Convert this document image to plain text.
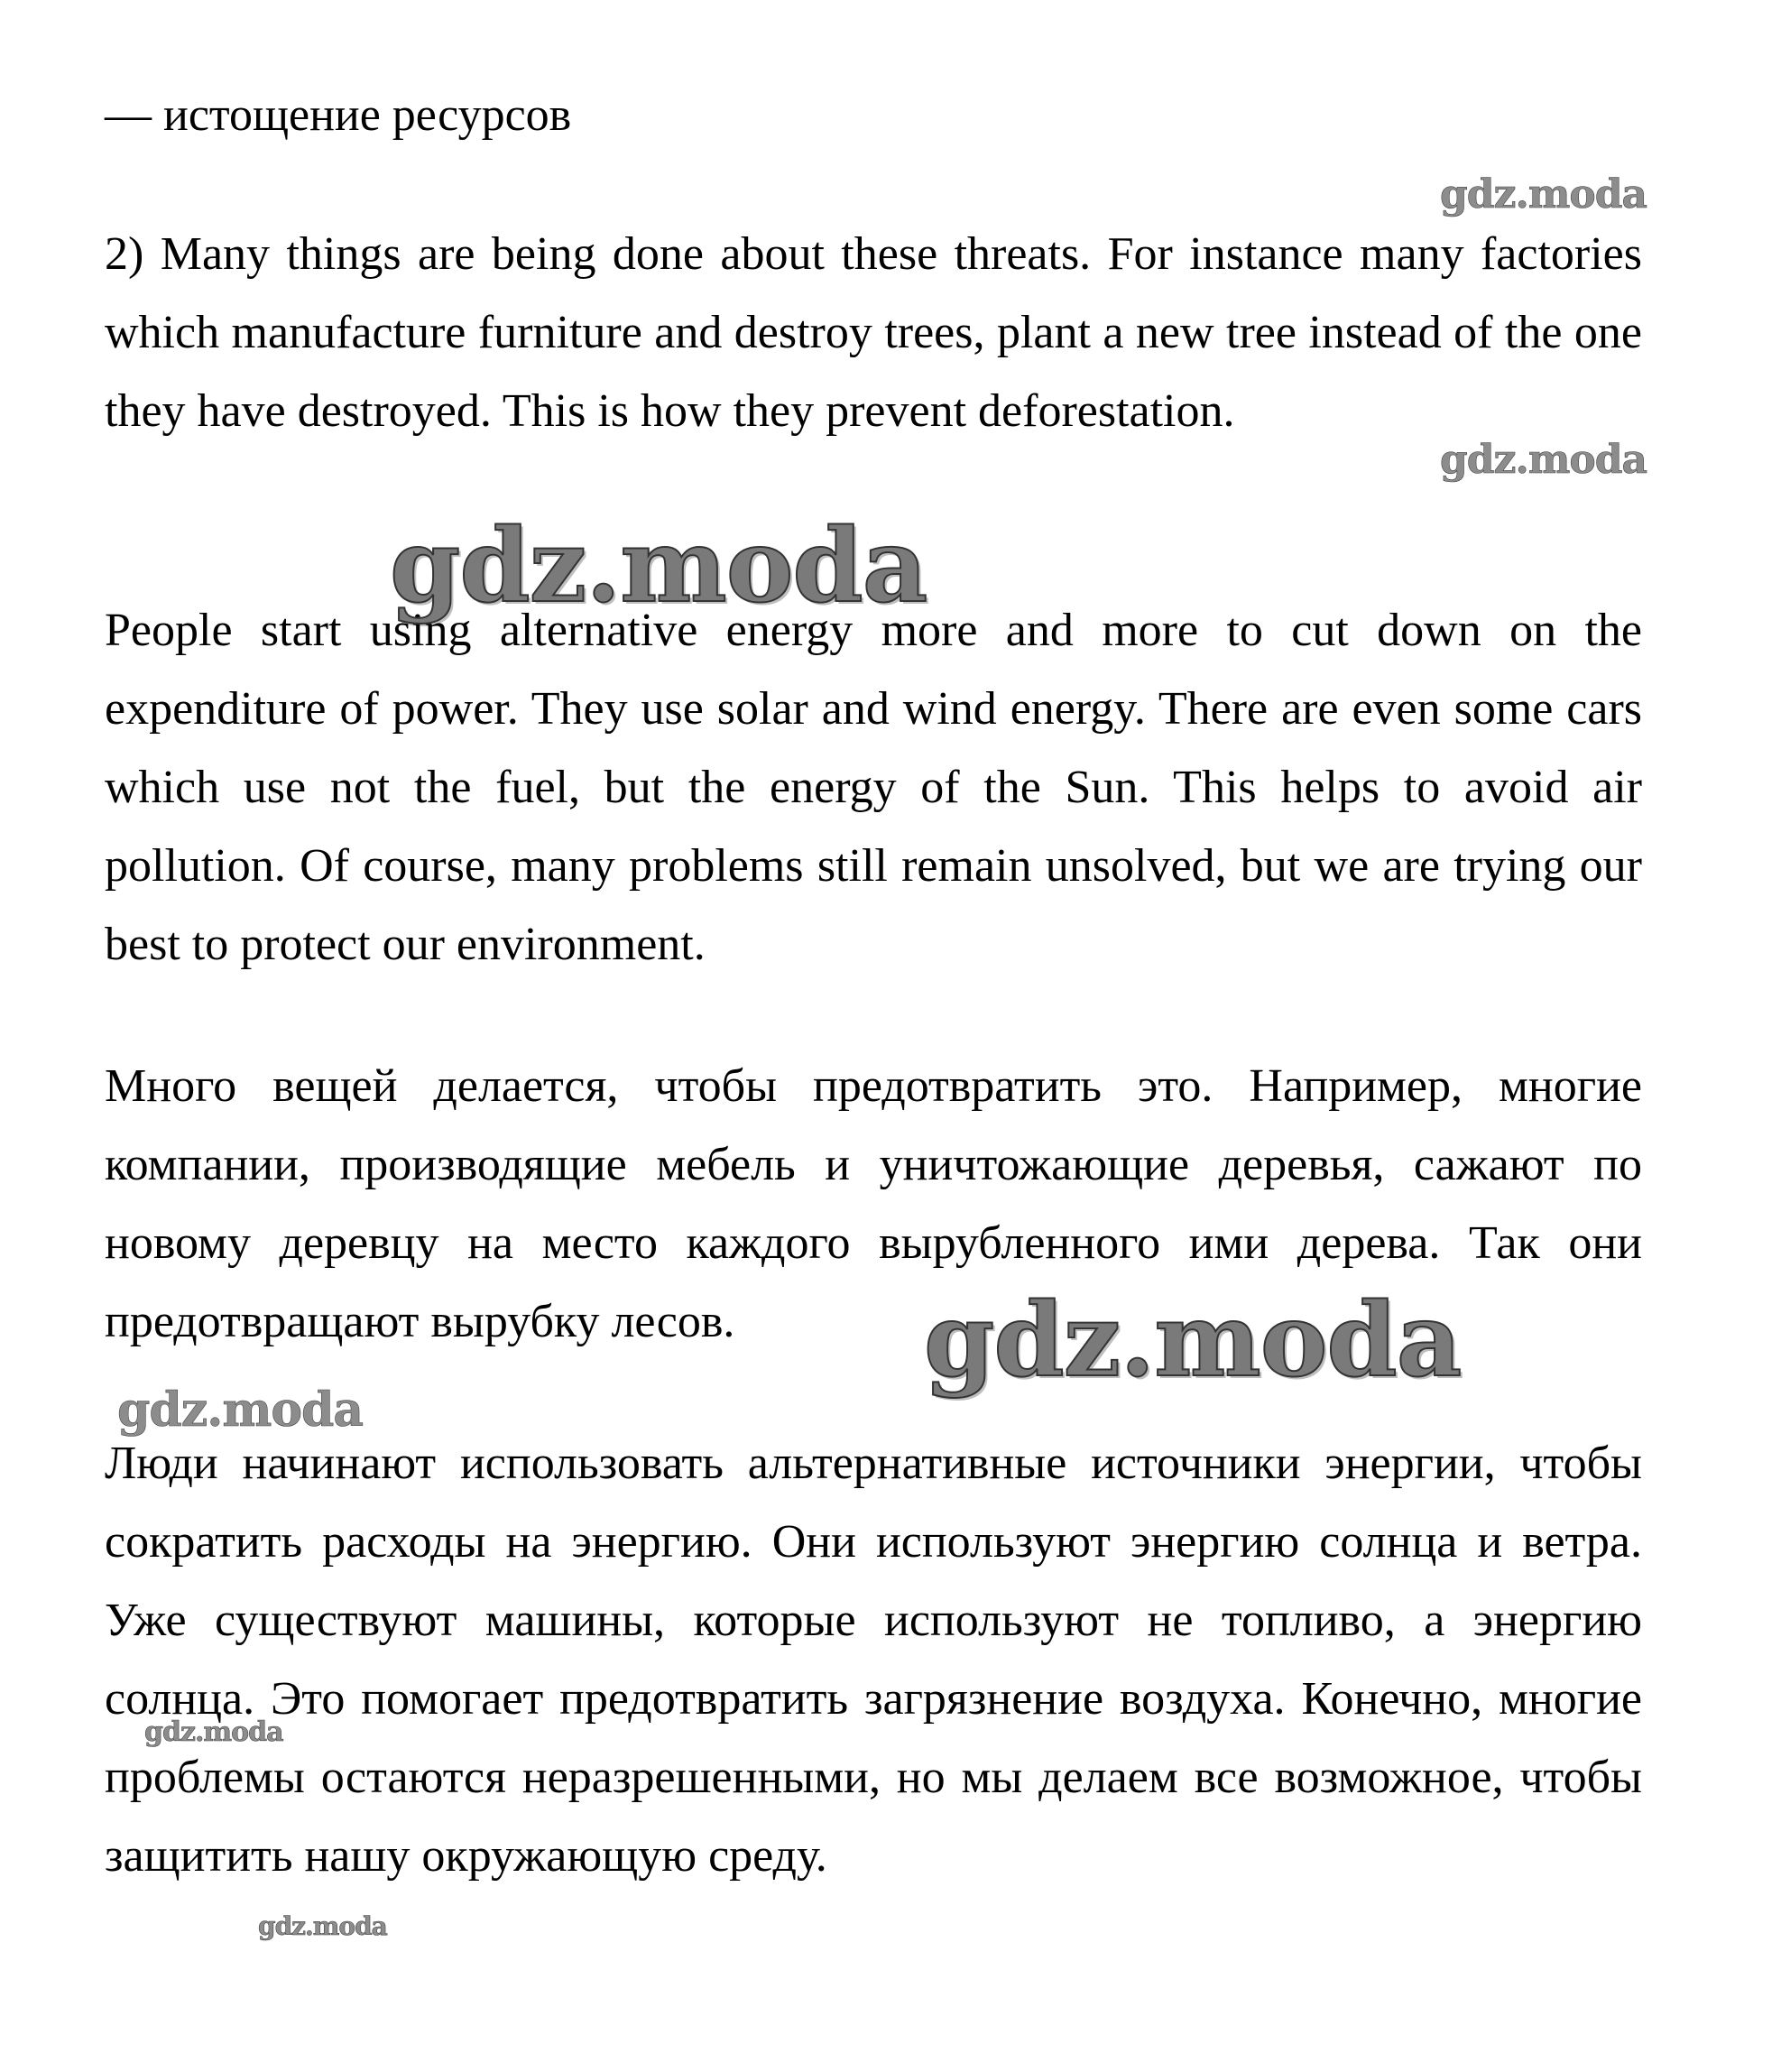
— истощение ресурсов

2) Many things are being done about these threats. For instance many factories which manufacture furniture and destroy trees, plant a new tree instead of the one they have destroyed. This is how they prevent deforestation.

People start using alternative energy more and more to cut down on the expenditure of power. They use solar and wind energy. There are even some cars which use not the fuel, but the energy of the Sun. This helps to avoid air pollution. Of course, many problems still remain unsolved, but we are trying our best to protect our environment.

Много вещей делается, чтобы предотвратить это. Например, многие компании, производящие мебель и уничтожающие деревья, сажают по новому деревцу на место каждого вырубленного ими дерева. Так они предотвращают вырубку лесов.

Люди начинают использовать альтернативные источники энергии, чтобы сократить расходы на энергию. Они используют энергию солнца и ветра. Уже существуют машины, которые используют не топливо, а энергию солнца. Это помогает предотвратить загрязнение воздуха. Конечно, многие проблемы остаются неразрешенными, но мы делаем все возможное, чтобы защитить нашу окружающую среду.

gdz.moda
gdz.moda
gdz.moda
gdz.moda
gdz.moda
gdz.moda
gdz.moda
